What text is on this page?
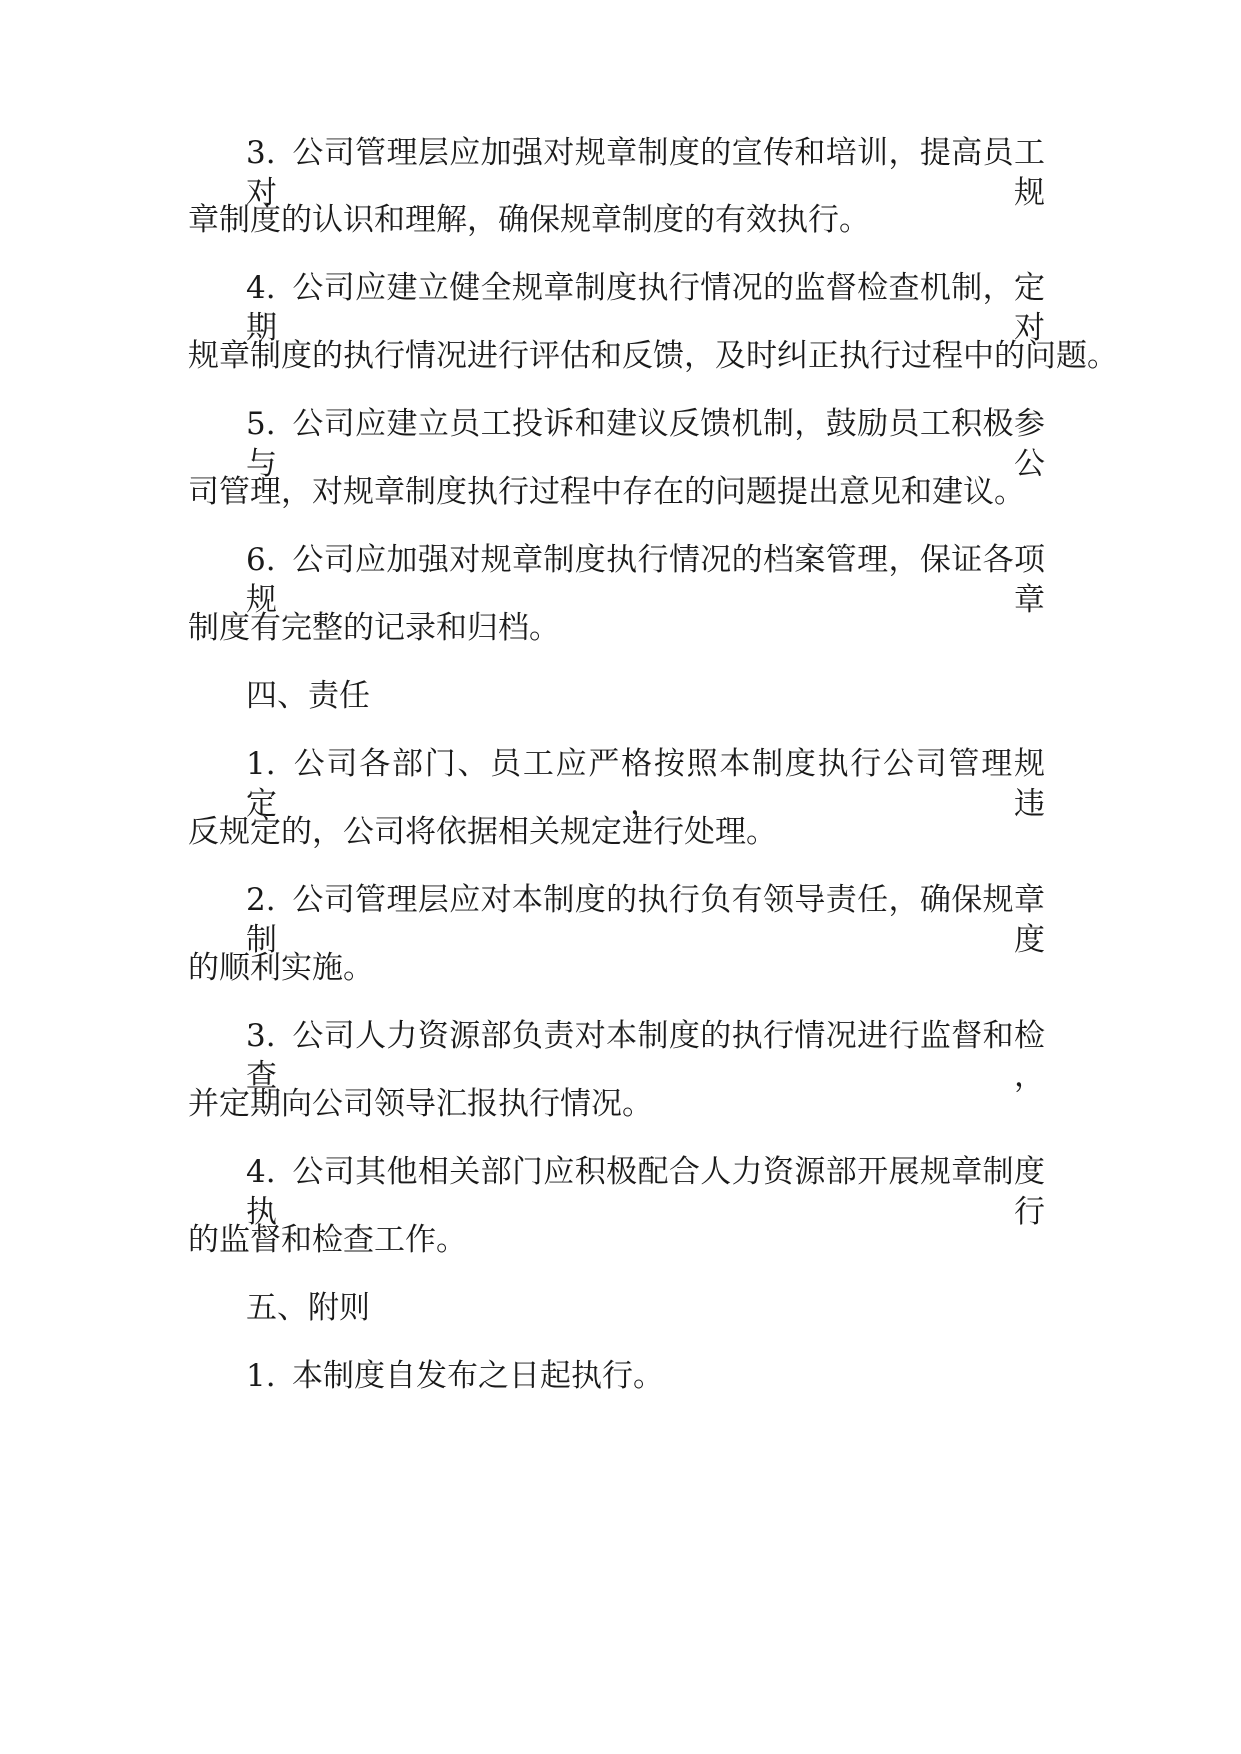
3. 公司管理层应加强对规章制度的宣传和培训，提高员工对规

章制度的认识和理解，确保规章制度的有效执行。

4. 公司应建立健全规章制度执行情况的监督检查机制，定期对

规章制度的执行情况进行评估和反馈，及时纠正执行过程中的问题。

5. 公司应建立员工投诉和建议反馈机制，鼓励员工积极参与公

司管理，对规章制度执行过程中存在的问题提出意见和建议。

6. 公司应加强对规章制度执行情况的档案管理，保证各项规章

制度有完整的记录和归档。

四、责任

1. 公司各部门、员工应严格按照本制度执行公司管理规定，违

反规定的，公司将依据相关规定进行处理。

2. 公司管理层应对本制度的执行负有领导责任，确保规章制度

的顺利实施。

3. 公司人力资源部负责对本制度的执行情况进行监督和检查，

并定期向公司领导汇报执行情况。

4. 公司其他相关部门应积极配合人力资源部开展规章制度执行

的监督和检查工作。

五、附则

1. 本制度自发布之日起执行。
